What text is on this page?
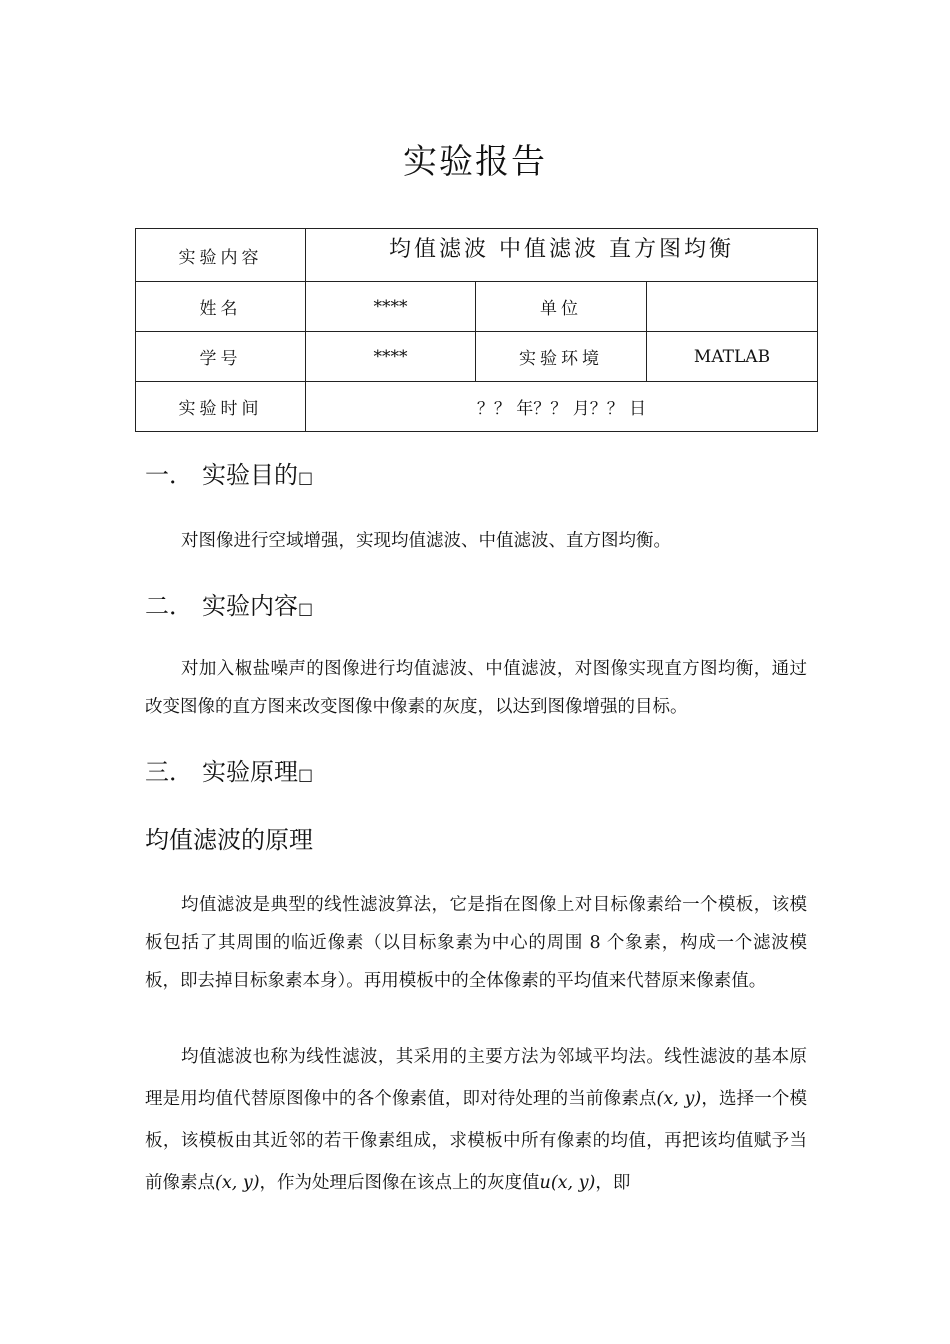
实验报告
实验内容	均值滤波 中值滤波 直方图均衡		
姓名	****	单位	
学号	****	实验环境	MATLAB
实验时间	？？ 年？？ 月？？ 日		
一． 实验目的□
对图像进行空域增强，实现均值滤波、中值滤波、直方图均衡。
二． 实验内容□
对加入椒盐噪声的图像进行均值滤波、中值滤波，对图像实现直方图均衡，通过改变图像的直方图来改变图像中像素的灰度，以达到图像增强的目标。
三． 实验原理□
均值滤波的原理
均值滤波是典型的线性滤波算法，它是指在图像上对目标像素给一个模板，该模板包括了其周围的临近像素（以目标象素为中心的周围 8 个象素，构成一个滤波模板，即去掉目标象素本身）。再用模板中的全体像素的平均值来代替原来像素值。
均值滤波也称为线性滤波，其采用的主要方法为邻域平均法。线性滤波的基本原理是用均值代替原图像中的各个像素值，即对待处理的当前像素点(x, y)，选择一个模板，该模板由其近邻的若干像素组成，求模板中所有像素的均值，再把该均值赋予当前像素点(x, y)，作为处理后图像在该点上的灰度值u(x, y)，即
